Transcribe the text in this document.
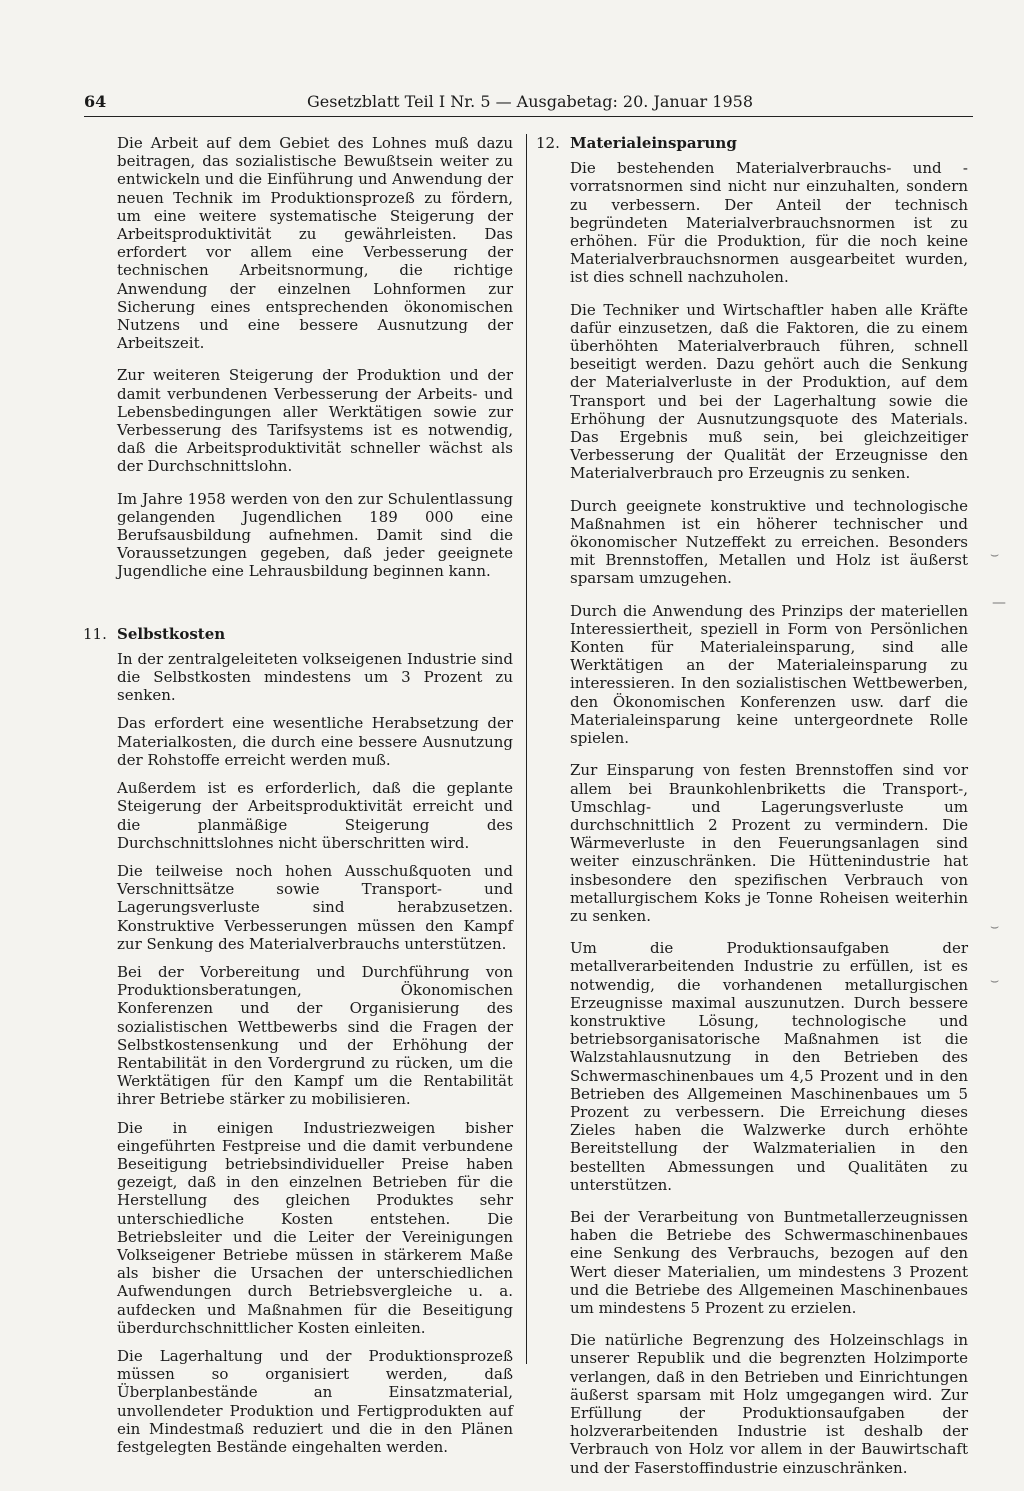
64	Gesetzblatt Teil I Nr. 5 — Ausgabetag: 20. Januar 1958
⌣
—
⌣
⌣

Die Arbeit auf dem Gebiet des Lohnes muß dazu beitragen, das sozialistische Bewußtsein weiter zu entwickeln und die Einführung und Anwendung der neuen Technik im Produktionsprozeß zu fördern, um eine weitere systematische Steigerung der Arbeitsproduktivität zu gewährleisten. Das erfordert vor allem eine Verbesserung der technischen Arbeitsnormung, die richtige Anwendung der einzelnen Lohnformen zur Sicherung eines entsprechenden ökonomischen Nutzens und eine bessere Ausnutzung der Arbeitszeit.

Zur weiteren Steigerung der Produktion und der damit verbundenen Verbesserung der Arbeits- und Lebensbedingungen aller Werktätigen sowie zur Verbesserung des Tarifsystems ist es notwendig, daß die Arbeitsproduktivität schneller wächst als der Durchschnittslohn.

Im Jahre 1958 werden von den zur Schulentlassung gelangenden Jugendlichen 189 000 eine Berufsausbildung aufnehmen. Damit sind die Voraussetzungen gegeben, daß jeder geeignete Jugendliche eine Lehrausbildung beginnen kann.

11. Selbstkosten

In der zentralgeleiteten volkseigenen Industrie sind die Selbstkosten mindestens um 3 Prozent zu senken.

Das erfordert eine wesentliche Herabsetzung der Materialkosten, die durch eine bessere Ausnutzung der Rohstoffe erreicht werden muß.

Außerdem ist es erforderlich, daß die geplante Steigerung der Arbeitsproduktivität erreicht und die planmäßige Steigerung des Durchschnittslohnes nicht überschritten wird.

Die teilweise noch hohen Ausschußquoten und Verschnittsätze sowie Transport- und Lagerungsverluste sind herabzusetzen. Konstruktive Verbesserungen müssen den Kampf zur Senkung des Materialverbrauchs unterstützen.

Bei der Vorbereitung und Durchführung von Produktionsberatungen, Ökonomischen Konferenzen und der Organisierung des sozialistischen Wettbewerbs sind die Fragen der Selbstkostensenkung und der Erhöhung der Rentabilität in den Vordergrund zu rücken, um die Werktätigen für den Kampf um die Rentabilität ihrer Betriebe stärker zu mobilisieren.

Die in einigen Industriezweigen bisher eingeführten Festpreise und die damit verbundene Beseitigung betriebsindividueller Preise haben gezeigt, daß in den einzelnen Betrieben für die Herstellung des gleichen Produktes sehr unterschiedliche Kosten entstehen. Die Betriebsleiter und die Leiter der Vereinigungen Volkseigener Betriebe müssen in stärkerem Maße als bisher die Ursachen der unterschiedlichen Aufwendungen durch Betriebsvergleiche u. a. aufdecken und Maßnahmen für die Beseitigung überdurchschnittlicher Kosten einleiten.

Die Lagerhaltung und der Produktionsprozeß müssen so organisiert werden, daß Überplanbestände an Einsatzmaterial, unvollendeter Produktion und Fertigprodukten auf ein Mindestmaß reduziert und die in den Plänen festgelegten Bestände eingehalten werden.

12. Materialeinsparung

Die bestehenden Materialverbrauchs- und -vorratsnormen sind nicht nur einzuhalten, sondern zu verbessern. Der Anteil der technisch begründeten Materialverbrauchsnormen ist zu erhöhen. Für die Produktion, für die noch keine Materialverbrauchsnormen ausgearbeitet wurden, ist dies schnell nachzuholen.

Die Techniker und Wirtschaftler haben alle Kräfte dafür einzusetzen, daß die Faktoren, die zu einem überhöhten Materialverbrauch führen, schnell beseitigt werden. Dazu gehört auch die Senkung der Materialverluste in der Produktion, auf dem Transport und bei der Lagerhaltung sowie die Erhöhung der Ausnutzungsquote des Materials. Das Ergebnis muß sein, bei gleichzeitiger Verbesserung der Qualität der Erzeugnisse den Materialverbrauch pro Erzeugnis zu senken.

Durch geeignete konstruktive und technologische Maßnahmen ist ein höherer technischer und ökonomischer Nutzeffekt zu erreichen. Besonders mit Brennstoffen, Metallen und Holz ist äußerst sparsam umzugehen.

Durch die Anwendung des Prinzips der materiellen Interessiertheit, speziell in Form von Persönlichen Konten für Materialeinsparung, sind alle Werktätigen an der Materialeinsparung zu interessieren. In den sozialistischen Wettbewerben, den Ökonomischen Konferenzen usw. darf die Materialeinsparung keine untergeordnete Rolle spielen.

Zur Einsparung von festen Brennstoffen sind vor allem bei Braunkohlenbriketts die Transport-, Umschlag- und Lagerungsverluste um durchschnittlich 2 Prozent zu vermindern. Die Wärmeverluste in den Feuerungsanlagen sind weiter einzuschränken. Die Hüttenindustrie hat insbesondere den spezifischen Verbrauch von metallurgischem Koks je Tonne Roheisen weiterhin zu senken.

Um die Produktionsaufgaben der metallverarbeitenden Industrie zu erfüllen, ist es notwendig, die vorhandenen metallurgischen Erzeugnisse maximal auszunutzen. Durch bessere konstruktive Lösung, technologische und betriebsorganisatorische Maßnahmen ist die Walzstahlausnutzung in den Betrieben des Schwermaschinenbaues um 4,5 Prozent und in den Betrieben des Allgemeinen Maschinenbaues um 5 Prozent zu verbessern. Die Erreichung dieses Zieles haben die Walzwerke durch erhöhte Bereitstellung der Walzmaterialien in den bestellten Abmessungen und Qualitäten zu unterstützen.

Bei der Verarbeitung von Buntmetallerzeugnissen haben die Betriebe des Schwermaschinenbaues eine Senkung des Verbrauchs, bezogen auf den Wert dieser Materialien, um mindestens 3 Prozent und die Betriebe des Allgemeinen Maschinenbaues um mindestens 5 Prozent zu erzielen.

Die natürliche Begrenzung des Holzeinschlags in unserer Republik und die begrenzten Holzimporte verlangen, daß in den Betrieben und Einrichtungen äußerst sparsam mit Holz umgegangen wird. Zur Erfüllung der Produktionsaufgaben der holzverarbeitenden Industrie ist deshalb der Verbrauch von Holz vor allem in der Bauwirtschaft und der Faserstoffindustrie einzuschränken.
